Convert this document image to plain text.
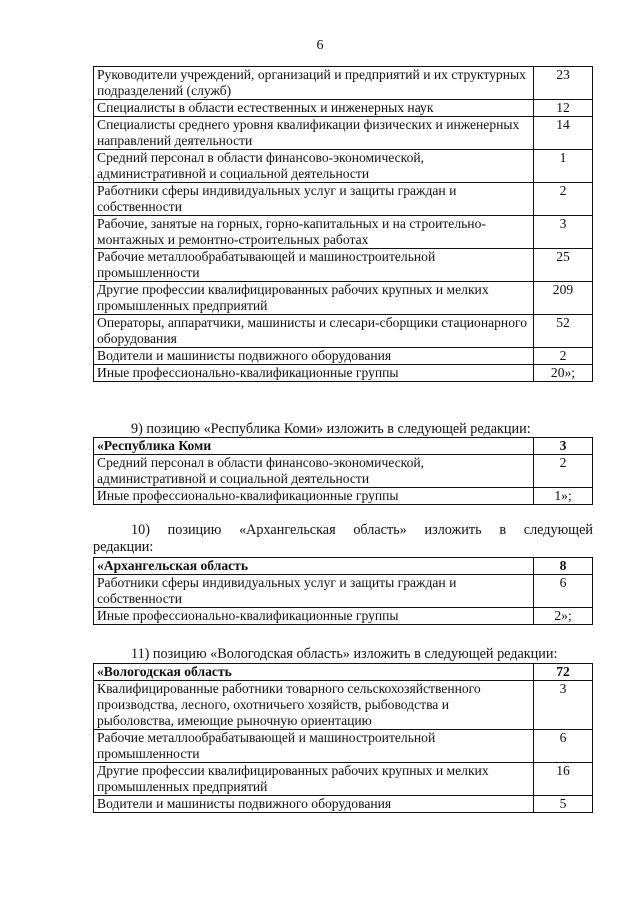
6
Руководители учреждений, организаций и предприятий и их структурных подразделений (служб)	23
Специалисты в области естественных и инженерных наук	12
Специалисты среднего уровня квалификации физических и инженерных направлений деятельности	14
Средний персонал в области финансово-экономической, административной и социальной деятельности	1
Работники сферы индивидуальных услуг и защиты граждан и собственности	2
Рабочие, занятые на горных, горно-капитальных и на строительно-монтажных и ремонтно-строительных работах	3
Рабочие металлообрабатывающей и машиностроительной промышленности	25
Другие профессии квалифицированных рабочих крупных и мелких промышленных предприятий	209
Операторы, аппаратчики, машинисты и слесари-сборщики стационарного оборудования	52
Водители и машинисты подвижного оборудования	2
Иные профессионально-квалификационные группы	20»;
9) позицию «Республика Коми» изложить в следующей редакции:
«Республика Коми	3
Средний персонал в области финансово-экономической, административной и социальной деятельности	2
Иные профессионально-квалификационные группы	1»;
10) позицию «Архангельская область» изложить в следующей
редакции:
«Архангельская область	8
Работники сферы индивидуальных услуг и защиты граждан и собственности	6
Иные профессионально-квалификационные группы	2»;
11) позицию «Вологодская область» изложить в следующей редакции:
«Вологодская область	72
Квалифицированные работники товарного сельскохозяйственного производства, лесного, охотничьего хозяйств, рыбоводства и рыболовства, имеющие рыночную ориентацию	3
Рабочие металлообрабатывающей и машиностроительной промышленности	6
Другие профессии квалифицированных рабочих крупных и мелких промышленных предприятий	16
Водители и машинисты подвижного оборудования	5
